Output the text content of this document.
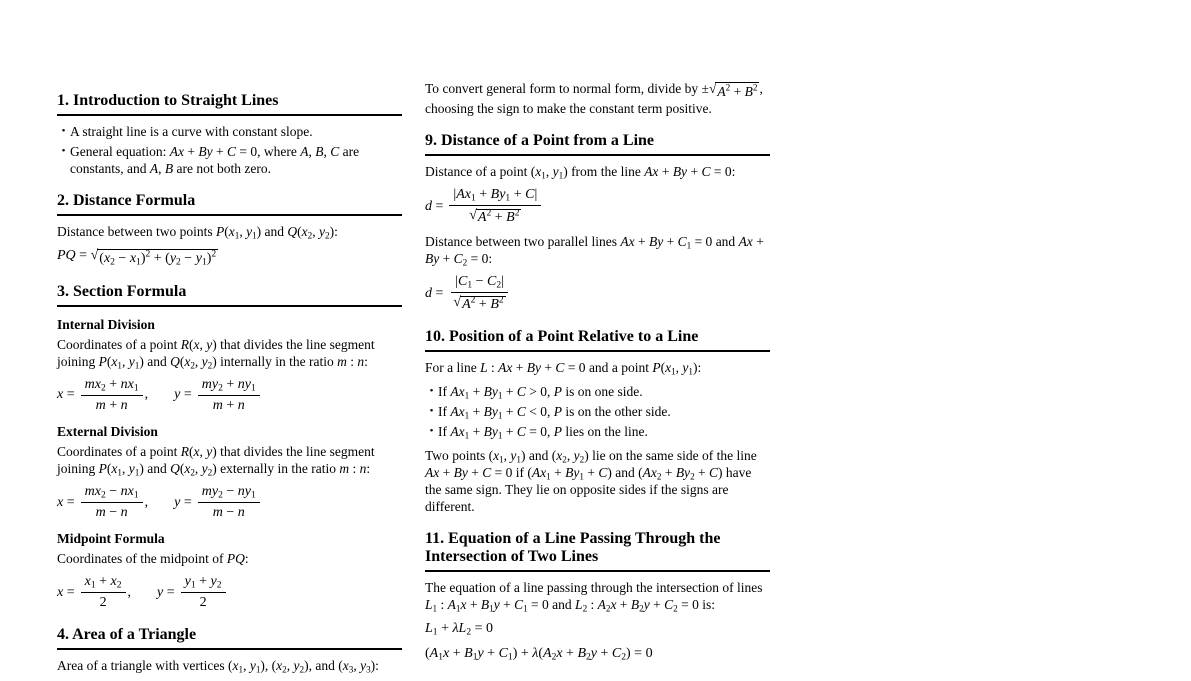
1. Introduction to Straight Lines
• A straight line is a curve with constant slope.
• General equation: Ax + By + C = 0, where A, B, C are constants, and A, B are not both zero.
2. Distance Formula

Distance between two points $P(x_1$, $y_1$) and $Q(x_2$, $y_2$):

PQ = √ $(x_2 - x_1)^2 + (y_2 - y_1)^2$
3. Section Formula
Internal Division

Coordinates of a point R(x, y) that divides the line segment joining $P(x_1$, $y_1$) and $Q(x_2$, $y_2$) internally in the ratio m : n:

$x = \frac{mx_2 + nx_1}{m + n}$ , $y = \frac{my_2 + ny_1}{m + n}$
External Division

Coordinates of a point R(x, y) that divides the line segment joining $P(x_1$, $y_1$) and $Q(x_2$, $y_2$) externally in the ratio m : n:

$x = \frac{mx_2 - nx_1}{m - n}$ , $y = \frac{my_2 - ny_1}{m - n}$
Midpoint Formula

Coordinates of the midpoint of PQ:

$x = \frac{x_1 + x_2}{2}$ , $y = \frac{y_1 + y_2}{2}$
4. Area of a Triangle

Area of a triangle with vertices ($x_1$, $y_1$), ($x_2$, $y_2$), and ($x_3$, $y_3$):

To convert general form to normal form, divide by ± √ $A^2 + B^2$ , choosing the sign to make the constant term positive.

9. Distance of a Point from a Line

Distance of a point ($x_1$, $y_1$) from the line Ax + By + C = 0:

$d = \frac{|Ax_1 + By_1 + C|}{√ A^2 + B^2}$

Distance between two parallel lines $Ax + By + C_1 = 0$ and $Ax + By + C_2 = 0$:

$d = \frac{|C_1 - C_2|}{√ A^2 + B^2}$
10. Position of a Point Relative to a Line

For a line L : Ax + By + C = 0 and a point $P(x_1$, $y_1$):

• If $Ax_1 + By_1 + C > 0$, P is on one side.
• If $Ax_1 + By_1 + C < 0$, P is on the other side.
• If $Ax_1 + By_1 + C = 0$, P lies on the line.

Two points ($x_1$, $y_1$) and ($x_2$, $y_2$) lie on the same side of the line Ax + By + C = 0 if $(Ax_1 + By_1 + C)$ and $(Ax_2 + By_2 + C)$ have the same sign. They lie on opposite sides if the signs are different.

11. Equation of a Line Passing Through the Intersection of Two Lines

The equation of a line passing through the intersection of lines $L_1$ : $A_1x + B_1y + C_1 = 0$ and $L_2$ : $A_2x + B_2y + C_2 = 0$ is:

$L_1 + \lambda L_2 = 0$
$(A_1x + B_1y + C_1) + \lambda(A_2x + B_2y + C_2) = 0$
